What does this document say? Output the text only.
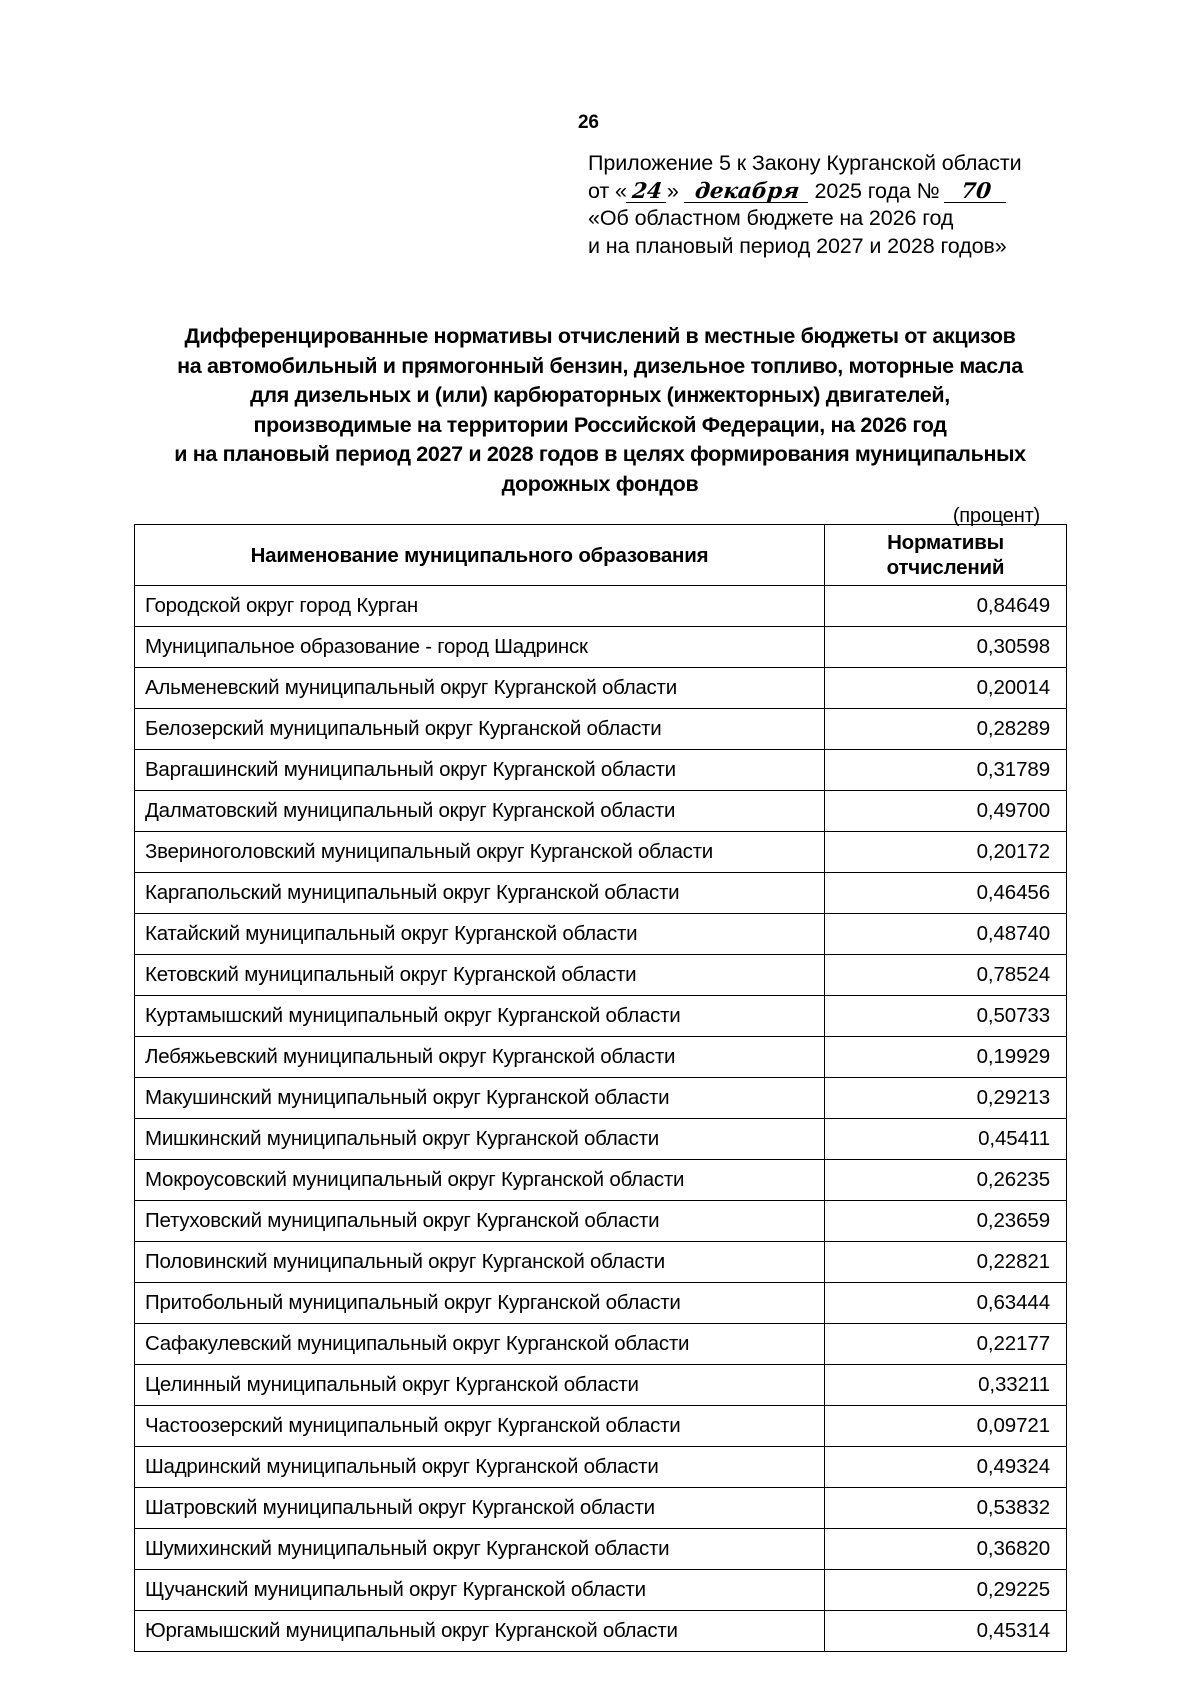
26
Приложение 5 к Закону Курганской области
от « 24 » декабря 2025 года № 70
«Об областном бюджете на 2026 год
и на плановый период 2027 и 2028 годов»
Дифференцированные нормативы отчислений в местные бюджеты от акцизов
на автомобильный и прямогонный бензин, дизельное топливо, моторные масла
для дизельных и (или) карбюраторных (инжекторных) двигателей,
производимые на территории Российской Федерации, на 2026 год
и на плановый период 2027 и 2028 годов в целях формирования муниципальных
дорожных фондов
(процент)
Наименование муниципального образования	Нормативы
отчислений
Городской округ город Курган	0,84649
Муниципальное образование - город Шадринск	0,30598
Альменевский муниципальный округ Курганской области	0,20014
Белозерский муниципальный округ Курганской области	0,28289
Варгашинский муниципальный округ Курганской области	0,31789
Далматовский муниципальный округ Курганской области	0,49700
Звериноголовский муниципальный округ Курганской области	0,20172
Каргапольский муниципальный округ Курганской области	0,46456
Катайский муниципальный округ Курганской области	0,48740
Кетовский муниципальный округ Курганской области	0,78524
Куртамышский муниципальный округ Курганской области	0,50733
Лебяжьевский муниципальный округ Курганской области	0,19929
Макушинский муниципальный округ Курганской области	0,29213
Мишкинский муниципальный округ Курганской области	0,45411
Мокроусовский муниципальный округ Курганской области	0,26235
Петуховский муниципальный округ Курганской области	0,23659
Половинский муниципальный округ Курганской области	0,22821
Притобольный муниципальный округ Курганской области	0,63444
Сафакулевский муниципальный округ Курганской области	0,22177
Целинный муниципальный округ Курганской области	0,33211
Частоозерский муниципальный округ Курганской области	0,09721
Шадринский муниципальный округ Курганской области	0,49324
Шатровский муниципальный округ Курганской области	0,53832
Шумихинский муниципальный округ Курганской области	0,36820
Щучанский муниципальный округ Курганской области	0,29225
Юргамышский муниципальный округ Курганской области	0,45314
